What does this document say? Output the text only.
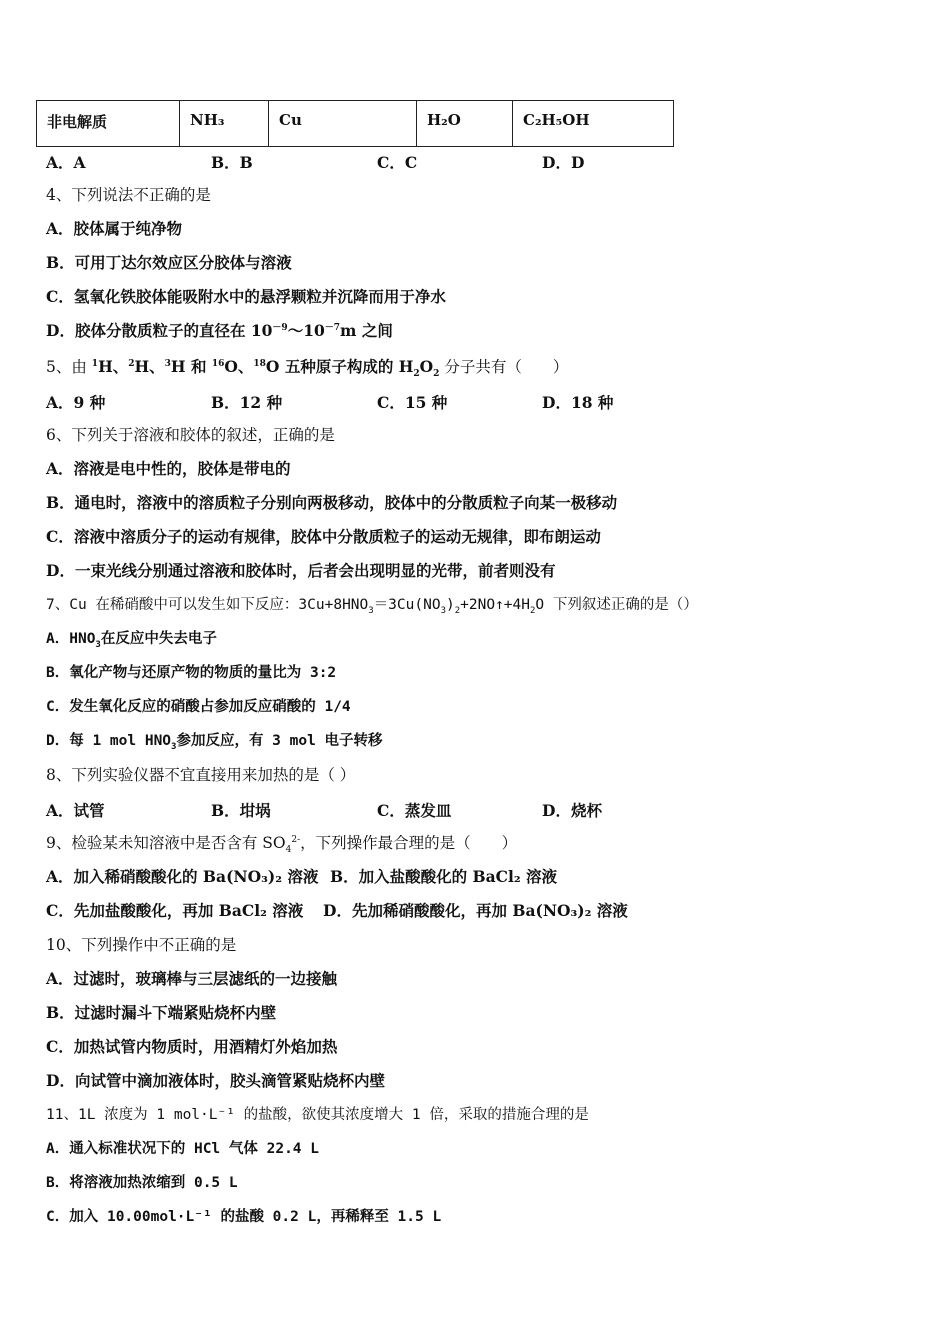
非电解质	NH₃	Cu	H₂O	C₂H₅OH
A．A	B．B	C．C	D．D
4、下列说法不正确的是
A．胶体属于纯净物
B．可用丁达尔效应区分胶体与溶液
C．氢氧化铁胶体能吸附水中的悬浮颗粒并沉降而用于净水
D．胶体分散质粒子的直径在 $10^{-9}\sim 10^{-7}m$ 之间
5、由 $^1$H、$^2$H、$^3$H 和 $^{16}$O、$^{18}$O 五种原子构成的 $H_2O_2$ 分子共有（　　）
A．9 种	B．12 种	C．15 种	D．18 种
6、下列关于溶液和胶体的叙述，正确的是
A．溶液是电中性的，胶体是带电的
B．通电时，溶液中的溶质粒子分别向两极移动，胶体中的分散质粒子向某一极移动
C．溶液中溶质分子的运动有规律，胶体中分散质粒子的运动无规律，即布朗运动
D．一束光线分别通过溶液和胶体时，后者会出现明显的光带，前者则没有
7、Cu 在稀硝酸中可以发生如下反应：$3Cu+8HNO_3=3Cu(NO_3)_2+2NO↑+4H_2O$ 下列叙述正确的是（）
A．$HNO_3$在反应中失去电子
B．氧化产物与还原产物的物质的量比为 3:2
C．发生氧化反应的硝酸占参加反应硝酸的 1/4
D．每 1 mol $HNO_3$参加反应，有 3 mol 电子转移
8、下列实验仪器不宜直接用来加热的是（ ）
A．试管	B．坩埚	C．蒸发皿	D．烧杯
9、检验某未知溶液中是否含有 $SO_4^{2-}$，下列操作最合理的是（　　）
A．加入稀硝酸酸化的 Ba(NO₃)₂ 溶液 B．加入盐酸酸化的 BaCl₂ 溶液
C．先加盐酸酸化，再加 BaCl₂ 溶液 D．先加稀硝酸酸化，再加 Ba(NO₃)₂ 溶液
10、下列操作中不正确的是
A．过滤时，玻璃棒与三层滤纸的一边接触
B．过滤时漏斗下端紧贴烧杯内壁
C．加热试管内物质时，用酒精灯外焰加热
D．向试管中滴加液体时，胶头滴管紧贴烧杯内壁
11、1L 浓度为 1 mol·L⁻¹ 的盐酸，欲使其浓度增大 1 倍，采取的措施合理的是
A．通入标准状况下的 HCl 气体 22.4 L
B．将溶液加热浓缩到 0.5 L
C．加入 10.00mol·L⁻¹ 的盐酸 0.2 L，再稀释至 1.5 L
